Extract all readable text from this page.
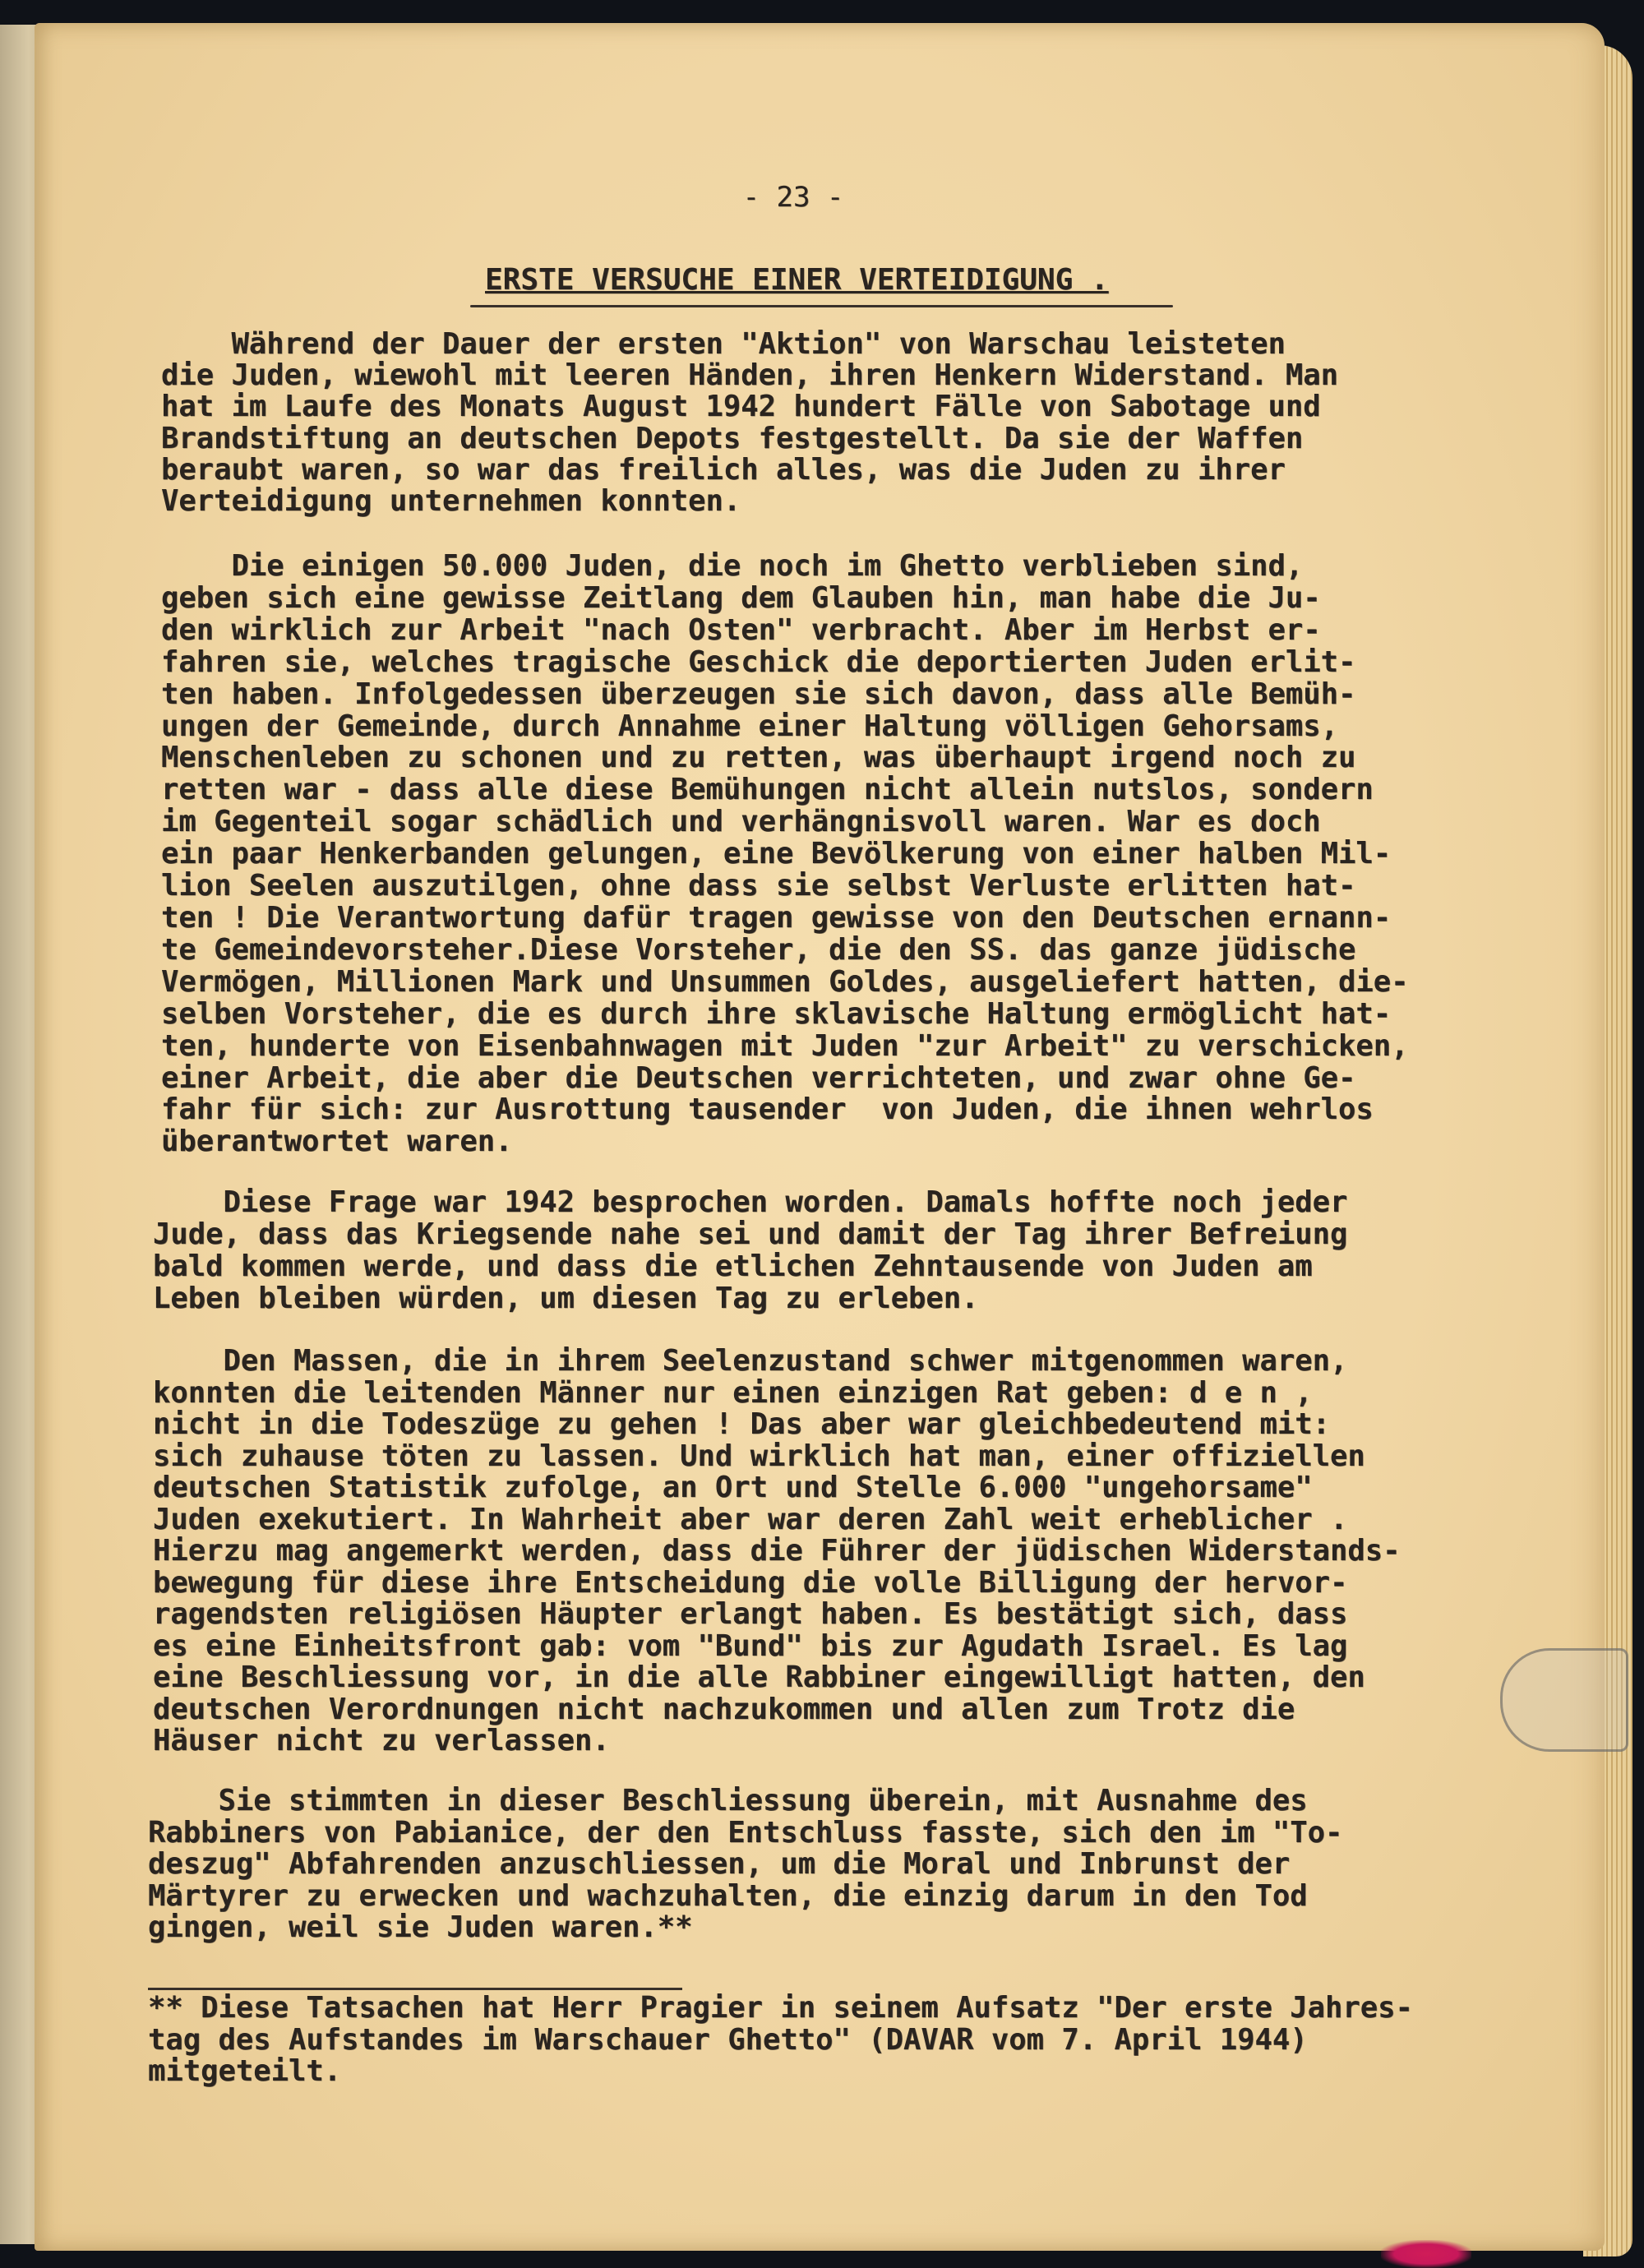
- 23 -

ERSTE VERSUCHE EINER VERTEIDIGUNG .

Während der Dauer der ersten "Aktion" von Warschau leisteten
die Juden, wiewohl mit leeren Händen, ihren Henkern Widerstand. Man
hat im Laufe des Monats August 1942 hundert Fälle von Sabotage und
Brandstiftung an deutschen Depots festgestellt. Da sie der Waffen
beraubt waren, so war das freilich alles, was die Juden zu ihrer
Verteidigung unternehmen konnten.

Die einigen 50.000 Juden, die noch im Ghetto verblieben sind,
geben sich eine gewisse Zeitlang dem Glauben hin, man habe die Ju-
den wirklich zur Arbeit "nach Osten" verbracht. Aber im Herbst er-
fahren sie, welches tragische Geschick die deportierten Juden erlit-
ten haben. Infolgedessen überzeugen sie sich davon, dass alle Bemüh-
ungen der Gemeinde, durch Annahme einer Haltung völligen Gehorsams,
Menschenleben zu schonen und zu retten, was überhaupt irgend noch zu
retten war - dass alle diese Bemühungen nicht allein nutslos, sondern
im Gegenteil sogar schädlich und verhängnisvoll waren. War es doch
ein paar Henkerbanden gelungen, eine Bevölkerung von einer halben Mil-
lion Seelen auszutilgen, ohne dass sie selbst Verluste erlitten hat-
ten ! Die Verantwortung dafür tragen gewisse von den Deutschen ernann-
te Gemeindevorsteher.Diese Vorsteher, die den SS. das ganze jüdische
Vermögen, Millionen Mark und Unsummen Goldes, ausgeliefert hatten, die-
selben Vorsteher, die es durch ihre sklavische Haltung ermöglicht hat-
ten, hunderte von Eisenbahnwagen mit Juden "zur Arbeit" zu verschicken,
einer Arbeit, die aber die Deutschen verrichteten, und zwar ohne Ge-
fahr für sich: zur Ausrottung tausender  von Juden, die ihnen wehrlos
überantwortet waren.

Diese Frage war 1942 besprochen worden. Damals hoffte noch jeder
Jude, dass das Kriegsende nahe sei und damit der Tag ihrer Befreiung
bald kommen werde, und dass die etlichen Zehntausende von Juden am
Leben bleiben würden, um diesen Tag zu erleben.

Den Massen, die in ihrem Seelenzustand schwer mitgenommen waren,
konnten die leitenden Männer nur einen einzigen Rat geben: d e n ,
nicht in die Todeszüge zu gehen ! Das aber war gleichbedeutend mit:
sich zuhause töten zu lassen. Und wirklich hat man, einer offiziellen
deutschen Statistik zufolge, an Ort und Stelle 6.000 "ungehorsame"
Juden exekutiert. In Wahrheit aber war deren Zahl weit erheblicher .
Hierzu mag angemerkt werden, dass die Führer der jüdischen Widerstands-
bewegung für diese ihre Entscheidung die volle Billigung der hervor-
ragendsten religiösen Häupter erlangt haben. Es bestätigt sich, dass
es eine Einheitsfront gab: vom "Bund" bis zur Agudath Israel. Es lag
eine Beschliessung vor, in die alle Rabbiner eingewilligt hatten, den
deutschen Verordnungen nicht nachzukommen und allen zum Trotz die
Häuser nicht zu verlassen.

Sie stimmten in dieser Beschliessung überein, mit Ausnahme des
Rabbiners von Pabianice, der den Entschluss fasste, sich den im "To-
deszug" Abfahrenden anzuschliessen, um die Moral und Inbrunst der
Märtyrer zu erwecken und wachzuhalten, die einzig darum in den Tod
gingen, weil sie Juden waren.**

** Diese Tatsachen hat Herr Pragier in seinem Aufsatz "Der erste Jahres-
tag des Aufstandes im Warschauer Ghetto" (DAVAR vom 7. April 1944)
mitgeteilt.
